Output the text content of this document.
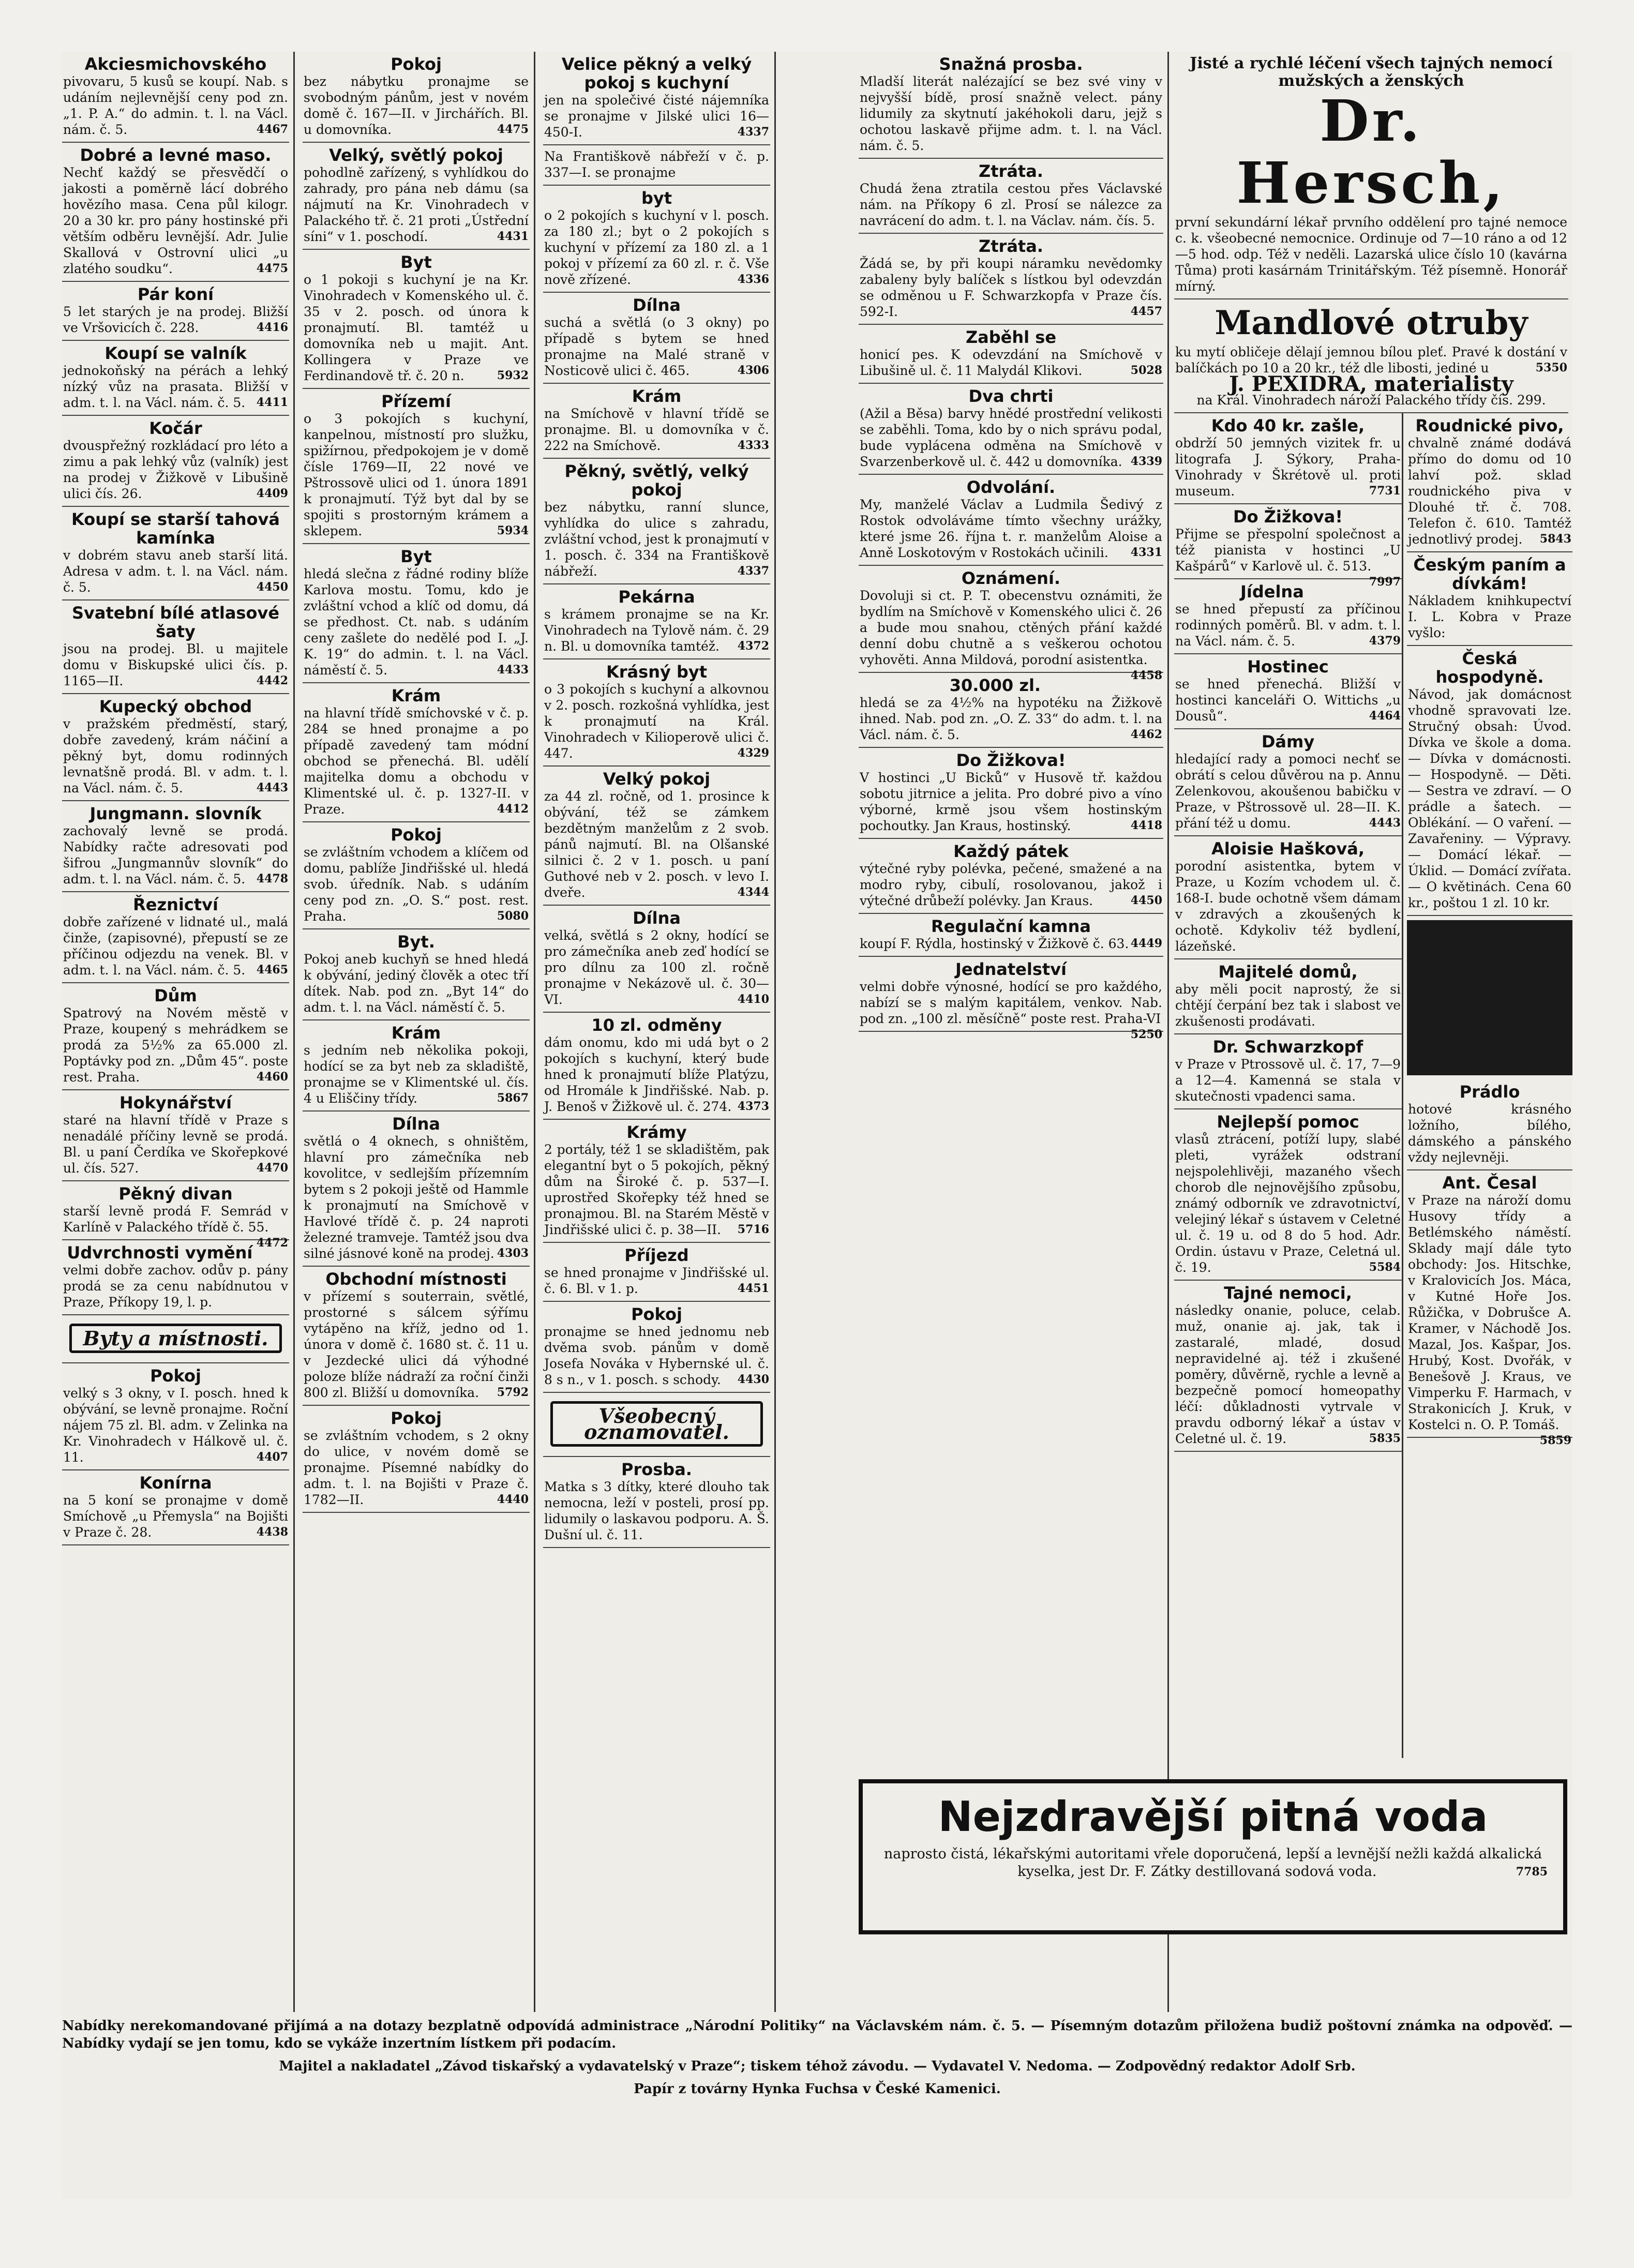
Akciesmichovského

pivovaru, 5 kusů se koupí. Nab. s udáním nejlevnější ceny pod zn. „1. P. A.“ do admin. t. l. na Václ. nám. č. 5.	4467

Dobré a levné maso.

Nechť každý se přesvědčí o jakosti a poměrně lácí dobrého hovězího masa. Cena půl kilogr. 20 a 30 kr. pro pány hostinské při větším odběru levnější. Adr. Julie Skallová v Ostrovní ulici „u zlatého soudku“.	4475

Pár koní

5 let starých je na prodej. Bližší ve Vršovicích č. 228.	4416

Koupí se valník

jednokoňský na pérách a lehký nízký vůz na prasata. Bližší v adm. t. l. na Václ. nám. č. 5. 4411

Kočár

dvouspřežný rozkládací pro léto a zimu a pak lehký vůz (valník) jest na prodej v Žižkově v Libušině ulici čís. 26.	4409

Koupí se starší tahová kamínka

v dobrém stavu aneb starší litá. Adresa v adm. t. l. na Václ. nám. č. 5.	4450

Svatební bílé atlasové šaty

jsou na prodej. Bl. u majitele domu v Biskupské ulici čís. p. 1165—II.	4442

Kupecký obchod

v pražském předměstí, starý, dobře zavedený, krám náčiní a pěkný byt, domu rodinných levnatšně prodá. Bl. v adm. t. l. na Václ. nám. č. 5.	4443

Jungmann. slovník

zachovalý levně se prodá. Nabídky račte adresovati pod šifrou „Jungmannův slovník“ do adm. t. l. na Václ. nám. č. 5. 4478

Řeznictví

dobře zařízené v lidnaté ul., malá činže, (zapisovné), přepustí se ze příčinou odjezdu na venek. Bl. v adm. t. l. na Václ. nám. č. 5. 4465

Dům

Spatrový na Novém městě v Praze, koupený s mehrádkem se prodá za 5½% za 65.000 zl. Poptávky pod zn. „Dům 45“. poste rest. Praha.	4460

Hokynářství

staré na hlavní třídě v Praze s nenadálé příčiny levně se prodá. Bl. u paní Čerdíka ve Skořepkové ul. čís. 527.	4470

Pěkný divan

starší levně prodá F. Semrád v Karlíně v Palackého třídě č. 55.
4472

Udvrchnosti vymění

velmi dobře zachov. odův p. pány prodá se za cenu nabídnutou v Praze, Příkopy 19, l. p.

Byty a místnosti.
Pokoj

velký s 3 okny, v I. posch. hned k obývání, se levně pronajme. Roční nájem 75 zl. Bl. adm. v Zelinka na Kr. Vinohradech v Hálkově ul. č. 11.	4407

Konírna

na 5 koní se pronajme v domě Smíchově „u Přemysla“ na Bojišti v Praze č. 28.	4438

Pokoj

bez nábytku pronajme se svobodným pánům, jest v novém domě č. 167—II. v Jirchářích. Bl. u domovníka.	4475

Velký, světlý pokoj

pohodlně zařízený, s vyhlídkou do zahrady, pro pána neb dámu (sa nájmutí na Kr. Vinohradech v Palackého tř. č. 21 proti „Ústřední síni“ v 1. poschodí.	4431

Byt

o 1 pokoji s kuchyní je na Kr. Vinohradech v Komenského ul. č. 35 v 2. posch. od února k pronajmutí. Bl. tamtéž u domovníka neb u majit. Ant. Kollingera v Praze ve Ferdinandově tř. č. 20 n.	5932

Přízemí

o 3 pokojích s kuchyní, kanpelnou, místností pro služku, spižírnou, předpokojem je v domě čísle 1769—II, 22 nové ve Pštrossově ulici od 1. února 1891 k pronajmutí. Týž byt dal by se spojiti s prostorným krámem a sklepem.	5934

Byt

hledá slečna z řádné rodiny blíže Karlova mostu. Tomu, kdo je zvláštní vchod a klíč od domu, dá se předhost. Ct. nab. s udáním ceny zašlete do nedělé pod I. „J. K. 19“ do admin. t. l. na Václ. náměstí č. 5.	4433

Krám

na hlavní třídě smíchovské v č. p. 284 se hned pronajme a po případě zavedený tam módní obchod se přenechá. Bl. udělí majitelka domu a obchodu v Klimentské ul. č. p. 1327-II. v Praze.	4412

Pokoj

se zvláštním vchodem a klíčem od domu, pablíže Jindřišské ul. hledá svob. úředník. Nab. s udáním ceny pod zn. „O. S.“ post. rest. Praha.	5080

Byt.

Pokoj aneb kuchyň se hned hledá k obývání, jediný člověk a otec tří dítek. Nab. pod zn. „Byt 14“ do adm. t. l. na Václ. náměstí č. 5.

Krám

s jedním neb několika pokoji, hodící se za byt neb za skladiště, pronajme se v Klimentské ul. čís. 4 u Eliščiny třídy.	5867

Dílna

světlá o 4 oknech, s ohništěm, hlavní pro zámečníka neb kovolitce, v sedlejším přízemním bytem s 2 pokoji ještě od Hammle k pronajmutí na Smíchově v Havlové třídě č. p. 24 naproti železné tramveje. Tamtéž jsou dva silné jásnové koně na prodej. 4303

Obchodní místnosti

v přízemí s souterrain, světlé, prostorné s sálcem sýřímu vytápěno na kříž, jedno od 1. února v domě č. 1680 st. č. 11 u. v Jezdecké ulici dá výhodné poloze blíže nádraží za roční činži 800 zl. Bližší u domovníka. 5792

Pokoj

se zvláštním vchodem, s 2 okny do ulice, v novém domě se pronajme. Písemné nabídky do adm. t. l. na Bojišti v Praze č. 1782—II.	4440

Velice pěkný a velký pokoj s kuchyní

jen na společivé čisté nájemníka se pronajme v Jilské ulici 16—450-I.	4337

Na Františkově nábřeží v č. p. 337—I. se pronajme

byt

o 2 pokojích s kuchyní v l. posch. za 180 zl.; byt o 2 pokojích s kuchyní v přízemí za 180 zl. a 1 pokoj v přízemí za 60 zl. r. č. Vše nově zřízené.	4336

Dílna

suchá a světlá (o 3 okny) po případě s bytem se hned pronajme na Malé straně v Nosticově ulici č. 465.	4306

Krám

na Smíchově v hlavní třídě se pronajme. Bl. u domovníka v č. 222 na Smíchově.	4333

Pěkný, světlý, velký pokoj

bez nábytku, ranní slunce, vyhlídka do ulice s zahradu, zvláštní vchod, jest k pronajmutí v 1. posch. č. 334 na Františkově nábřeží.	4337

Pekárna

s krámem pronajme se na Kr. Vinohradech na Tylově nám. č. 29 n. Bl. u domovníka tamtéž. 4372

Krásný byt

o 3 pokojích s kuchyní a alkovnou v 2. posch. rozkošná vyhlídka, jest k pronajmutí na Král. Vinohradech v Kilioperově ulici č. 447.	4329

Velký pokoj

za 44 zl. ročně, od 1. prosince k obývání, též se zámkem bezdětným manželům z 2 svob. pánů najmutí. Bl. na Olšanské silnici č. 2 v 1. posch. u paní Guthové neb v 2. posch. v levo I. dveře.	4344

Dílna

velká, světlá s 2 okny, hodící se pro zámečníka aneb zeď hodící se pro dílnu za 100 zl. ročně pronajme v Nekázově ul. č. 30—VI.	4410

10 zl. odměny

dám onomu, kdo mi udá byt o 2 pokojích s kuchyní, který bude hned k pronajmutí blíže Platýzu, od Hromále k Jindřišské. Nab. p. J. Benoš v Žižkově ul. č. 274. 4373

Krámy

2 portály, též 1 se skladištěm, pak elegantní byt o 5 pokojích, pěkný dům na Široké č. p. 537—I. uprostřed Skořepky též hned se pronajmou. Bl. na Starém Městě v Jindřišské ulici č. p. 38—II. 5716

Příjezd

se hned pronajme v Jindřišské ul. č. 6. Bl. v 1. p.	4451

Pokoj

pronajme se hned jednomu neb dvěma svob. pánům v domě Josefa Nováka v Hybernské ul. č. 8 s n., v 1. posch. s schody. 4430

Všeobecný oznamovatel.
Prosba.

Matka s 3 dítky, které dlouho tak nemocna, leží v posteli, prosí pp. lidumily o laskavou podporu. A. Š. Dušní ul. č. 11.

Snažná prosba.

Mladší literát nalézající se bez své viny v nejvyšší bídě, prosí snažně velect. pány lidumily za skytnutí jakéhokoli daru, jejž s ochotou laskavě přijme adm. t. l. na Václ. nám. č. 5.

Ztráta.

Chudá žena ztratila cestou přes Václavské nám. na Příkopy 6 zl. Prosí se nálezce za navrácení do adm. t. l. na Václav. nám. čís. 5.

Ztráta.

Žádá se, by při koupi náramku nevědomky zabaleny byly balíček s lístkou byl odevzdán se odměnou u F. Schwarzkopfa v Praze čís. 592-I.	4457

Zaběhl se

honicí pes. K odevzdání na Smíchově v Libušině ul. č. 11 Malydál Klikovi.	5028

Dva chrti

(Ažil a Běsa) barvy hnědé prostřední velikosti se zaběhli. Toma, kdo by o nich správu podal, bude vyplácena odměna na Smíchově v Svarzenberkově ul. č. 442 u domovníka. 4339

Odvolání.

My, manželé Václav a Ludmila Šedivý z Rostok odvoláváme tímto všechny urážky, které jsme 26. října t. r. manželům Aloise a Anně Loskotovým v Rostokách učinili. 4331

Oznámení.

Dovoluji si ct. P. T. obecenstvu oznámiti, že bydlím na Smíchově v Komenského ulici č. 26 a bude mou snahou, ctěných přání každé denní dobu chutně a s veškerou ochotou vyhověti. Anna Mildová, porodní asistentka.
4458

30.000 zl.

hledá se za 4½% na hypotéku na Žižkově ihned. Nab. pod zn. „O. Z. 33“ do adm. t. l. na Václ. nám. č. 5.	4462

Do Žižkova!

V hostinci „U Bicků“ v Husově tř. každou sobotu jitrnice a jelita. Pro dobré pivo a víno výborné, krmě jsou všem hostinským pochoutky. Jan Kraus, hostinský.	4418

Každý pátek

výtečné ryby polévka, pečené, smažené a na modro ryby, cibulí, rosolovanou, jakož i výtečné drůbeží polévky. Jan Kraus.	4450

Regulační kamna

koupí F. Rýdla, hostinský v Žižkově č. 63. 4449

Jednatelství

velmi dobře výnosné, hodící se pro každého, nabízí se s malým kapitálem, venkov. Nab. pod zn. „100 zl. měsíčně“ poste rest. Praha-VI
5250

Jisté a rychlé léčení všech tajných nemocí mužských a ženských
Dr. Hersch,

první sekundární lékař prvního oddělení pro tajné nemoce c. k. všeobecné nemocnice. Ordinuje od 7—10 ráno a od 12—5 hod. odp. Též v neděli. Lazarská ulice číslo 10 (kavárna Tůma) proti kasárnám Trinitářským. Též písemně. Honorář mírný.

Mandlové otruby

ku mytí obličeje dělají jemnou bílou pleť. Pravé k dostání v balíčkách po 10 a 20 kr., též dle libosti, jediné u	5350

J. PEXIDRA, materialisty

na Král. Vinohradech nároží Palackého třídy čís. 299.

Kdo 40 kr. zašle,

obdrží 50 jemných vizitek fr. u litografa J. Sýkory, Praha-Vinohrady v Škrétově ul. proti museum.	7731

Do Žižkova!

Přijme se přespolní společnost a též pianista v hostinci „U Kašpárů“ v Karlově ul. č. 513.
7997

Jídelna

se hned přepustí za příčinou rodinných poměrů. Bl. v adm. t. l. na Václ. nám. č. 5.	4379

Hostinec

se hned přenechá. Bližší v hostinci kanceláři O. Wittichs „u Dousů“.	4464

Dámy

hledající rady a pomoci nechť se obrátí s celou důvěrou na p. Annu Zelenkovou, akoušenou babičku v Praze, v Pštrossově ul. 28—II. K. přání též u domu.	4443

Aloisie Hašková,

porodní asistentka, bytem v Praze, u Kozím vchodem ul. č. 168-I. bude ochotně všem dámam v zdravých a zkoušených k ochotě. Kdykoliv též bydlení, lázeňské.

Majitelé domů,

aby měli pocit naprostý, že si chtějí čerpání bez tak i slabost ve zkušenosti prodávati.

Dr. Schwarzkopf

v Praze v Ptrossově ul. č. 17, 7—9 a 12—4. Kamenná se stala v skutečnosti vpadenci sama.

Nejlepší pomoc

vlasů ztrácení, potíží lupy, slabé pleti, vyrážek odstraní nejspolehlivěji, mazaného všech chorob dle nejnovějšího způsobu, známý odborník ve zdravotnictví, velejiný lékař s ústavem v Celetné ul. č. 19 u. od 8 do 5 hod. Adr. Ordin. ústavu v Praze, Celetná ul. č. 19.	5584

Tajné nemoci,

následky onanie, poluce, celab. muž, onanie aj. jak, tak i zastaralé, mladé, dosud nepravidelné aj. též i zkušené poměry, důvěrně, rychle a levně a bezpečně pomocí homeopathy léčí: důkladnosti vytrvale v pravdu odborný lékař a ústav v Celetné ul. č. 19.	5835

Roudnické pivo,

chvalně známé dodává přímo do domu od 10 lahví pož. sklad roudnického piva v Dlouhé tř. č. 708. Telefon č. 610. Tamtéž jednotlivý prodej. 5843

Českým paním a dívkám!

Nákladem knihkupectví I. L. Kobra v Praze vyšlo:

Česká hospodyně.

Návod, jak domácnost vhodně spravovati lze. Stručný obsah: Úvod. Dívka ve škole a doma. — Dívka v domácnosti. — Hospodyně. — Děti. — Sestra ve zdraví. — O prádle a šatech. — Oblékání. — O vaření. — Zavařeniny. — Výpravy. — Domácí lékař. — Úklid. — Domácí zvířata. — O květinách. Cena 60 kr., poštou 1 zl. 10 kr.

Prádlo

hotové krásného ložního, bílého, dámského a pánského vždy nejlevněji.

Ant. Česal

v Praze na nároží domu Husovy třídy a Betlémského náměstí. Sklady mají dále tyto obchody: Jos. Hitschke, v Kralovicích Jos. Máca, v Kutné Hoře Jos. Růžička, v Dobrušce A. Kramer, v Náchodě Jos. Mazal, Jos. Kašpar, Jos. Hrubý, Kost. Dvořák, v Benešově J. Kraus, ve Vimperku F. Harmach, v Strakonicích J. Kruk, v Kostelci n. O. P. Tomáš.
5859

Nejzdravější pitná voda

naprosto čistá, lékařskými autoritami vřele doporučená, lepší a levnější nežli každá alkalická kyselka, jest Dr. F. Zátky destillovaná sodová voda.	7785

Nabídky nerekomandované přijímá a na dotazy bezplatně odpovídá administrace „Národní Politiky“ na Václavském nám. č. 5. — Písemným dotazům přiložena budiž poštovní známka na odpověď. — Nabídky vydají se jen tomu, kdo se vykáže inzertním lístkem při podacím.

Majitel a nakladatel „Závod tiskařský a vydavatelský v Praze“; tiskem téhož závodu. — Vydavatel V. Nedoma. — Zodpovědný redaktor Adolf Srb.

Papír z továrny Hynka Fuchsa v České Kamenici.
